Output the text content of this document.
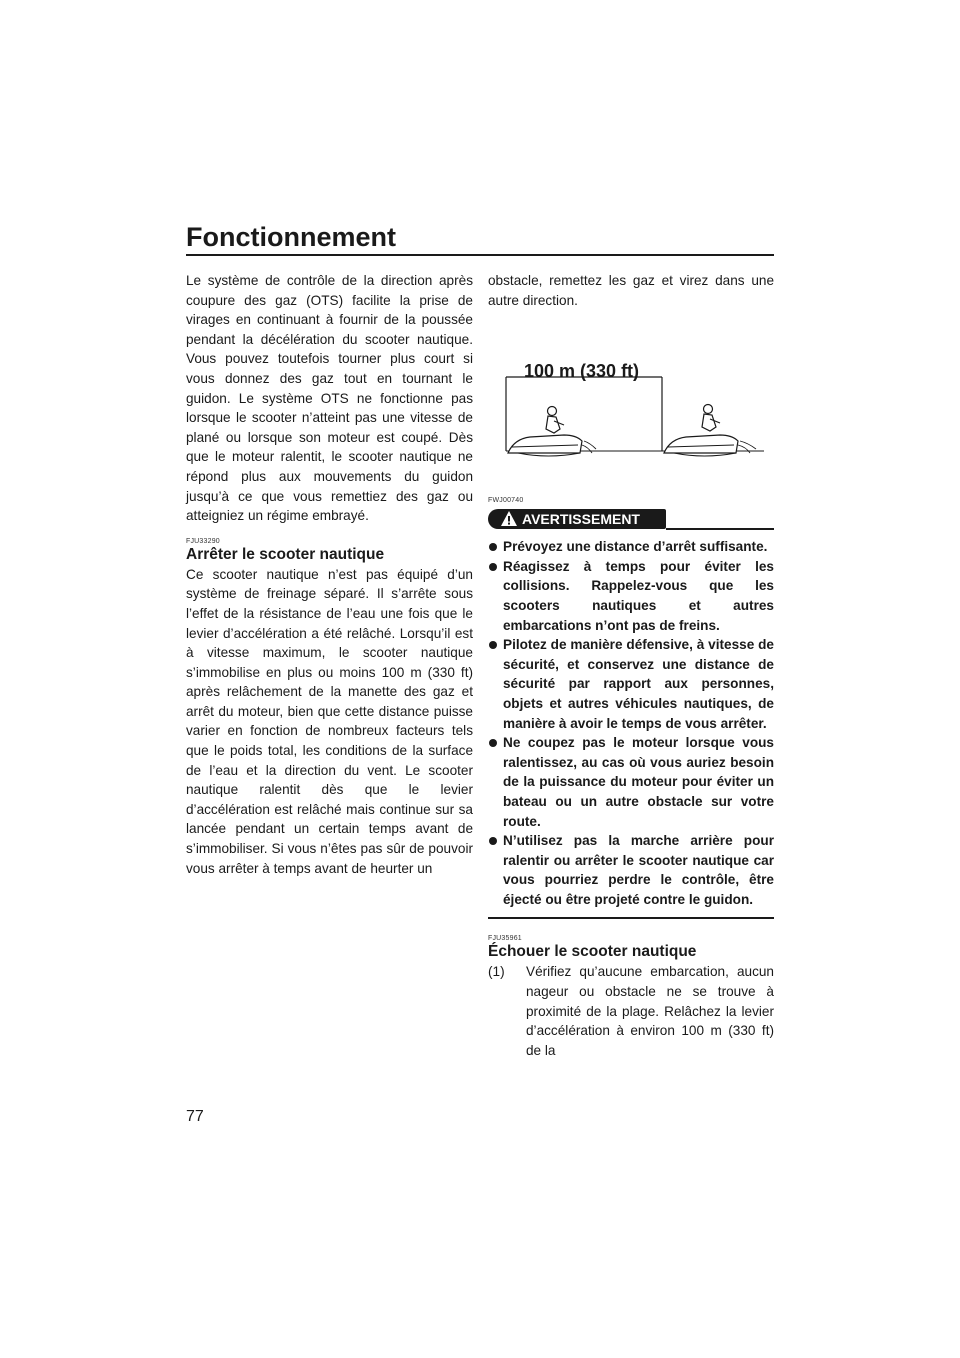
Fonctionnement

Le système de contrôle de la direction après coupure des gaz (OTS) facilite la prise de virages en continuant à fournir de la poussée pendant la décélération du scooter nautique. Vous pouvez toutefois tourner plus court si vous donnez des gaz tout en tournant le guidon. Le système OTS ne fonctionne pas lorsque le scooter n’atteint pas une vitesse de plané ou lorsque son moteur est coupé. Dès que le moteur ralentit, le scooter nautique ne répond plus aux mouvements du guidon jusqu’à ce que vous remettiez des gaz ou atteigniez un régime embrayé.

FJU33290
Arrêter le scooter nautique

Ce scooter nautique n’est pas équipé d’un système de freinage séparé. Il s’arrête sous l’effet de la résistance de l’eau une fois que le levier d’accélération a été relâché. Lorsqu’il est à vitesse maximum, le scooter nautique s’immobilise en plus ou moins 100 m (330 ft) après relâchement de la manette des gaz et arrêt du moteur, bien que cette distance puisse varier en fonction de nombreux facteurs tels que le poids total, les conditions de la surface de l’eau et la direction du vent. Le scooter nautique ralentit dès que le levier d’accélération est relâché mais continue sur sa lancée pendant un certain temps avant de s’immobiliser. Si vous n’êtes pas sûr de pouvoir vous arrêter à temps avant de heurter un

obstacle, remettez les gaz et virez dans une autre direction.

100 m (330 ft)
FWJ00740
AVERTISSEMENT
Prévoyez une distance d’arrêt suffisante.
Réagissez à temps pour éviter les collisions. Rappelez-vous que les scooters nautiques et autres embarcations n’ont pas de freins.
Pilotez de manière défensive, à vitesse de sécurité, et conservez une distance de sécurité par rapport aux personnes, objets et autres véhicules nautiques, de manière à avoir le temps de vous arrêter.
Ne coupez pas le moteur lorsque vous ralentissez, au cas où vous auriez besoin de la puissance du moteur pour éviter un bateau ou un autre obstacle sur votre route.
N’utilisez pas la marche arrière pour ralentir ou arrêter le scooter nautique car vous pourriez perdre le contrôle, être éjecté ou être projeté contre le guidon.
FJU35961
Échouer le scooter nautique
(1) Vérifiez qu’aucune embarcation, aucun nageur ou obstacle ne se trouve à proximité de la plage. Relâchez la levier d’accélération à environ 100 m (330 ft) de la
77
